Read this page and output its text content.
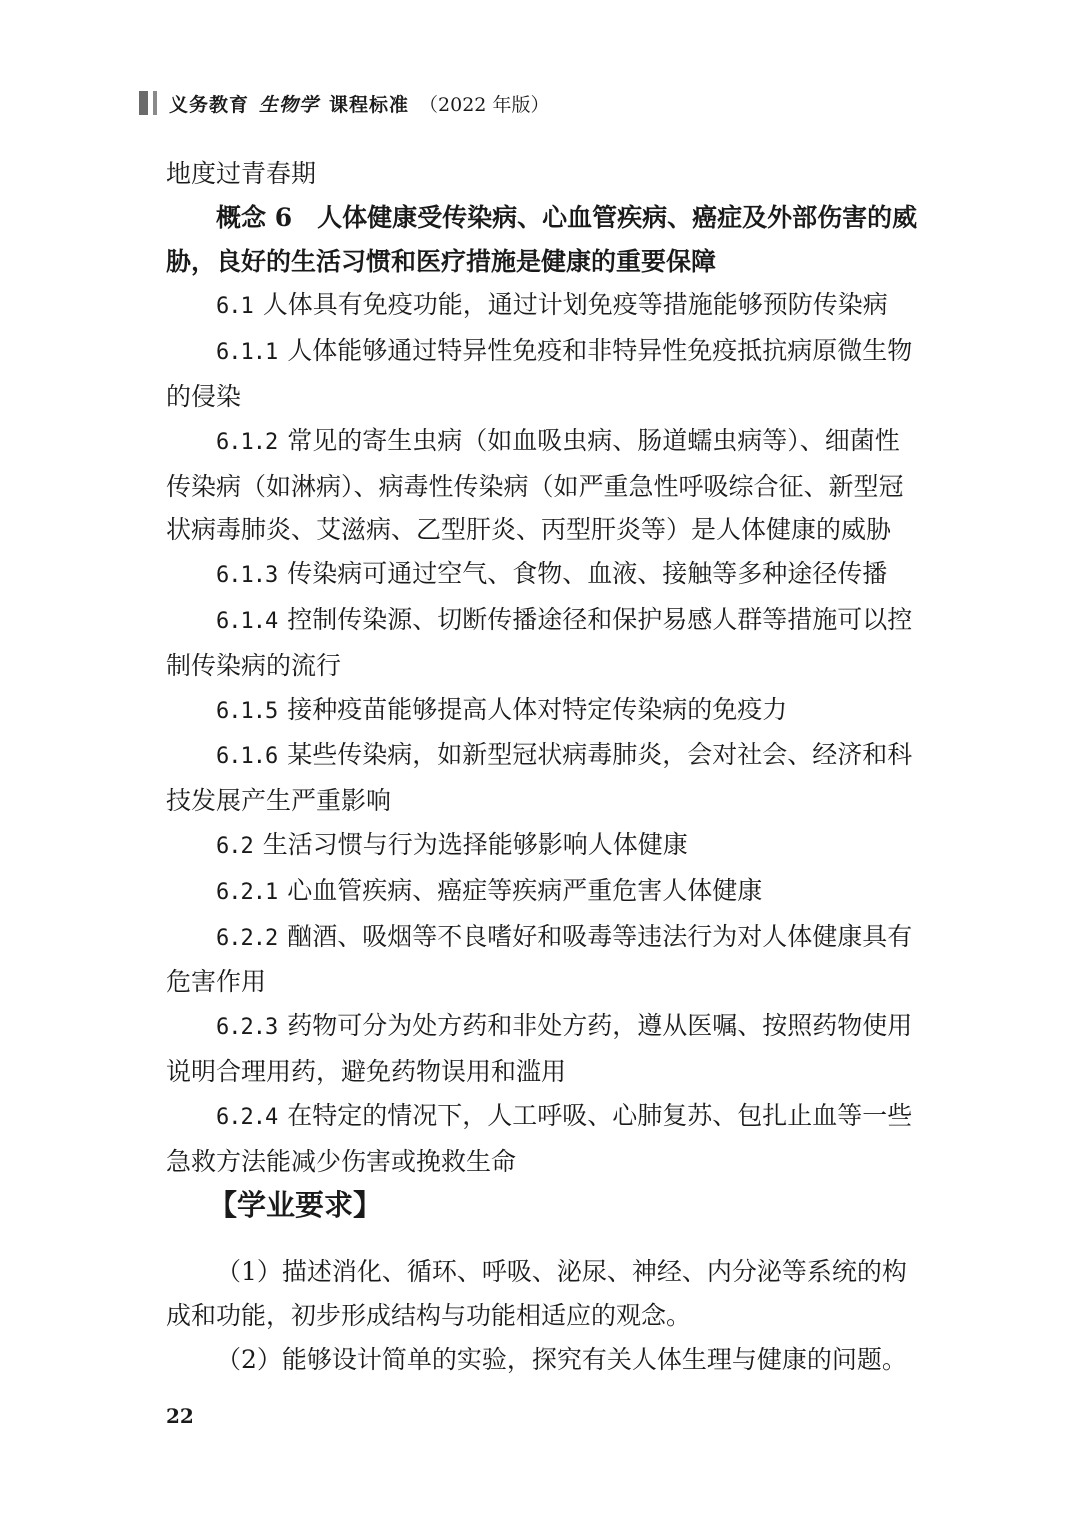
义务教育 生物学 课程标准 （2022 年版）

地度过青春期

概念 6　人体健康受传染病、心血管疾病、癌症及外部伤害的威胁，良好的生活习惯和医疗措施是健康的重要保障

6.1 人体具有免疫功能，通过计划免疫等措施能够预防传染病

6.1.1 人体能够通过特异性免疫和非特异性免疫抵抗病原微生物的侵染

6.1.2 常见的寄生虫病（如血吸虫病、肠道蠕虫病等）、细菌性传染病（如淋病）、病毒性传染病（如严重急性呼吸综合征、新型冠状病毒肺炎、艾滋病、乙型肝炎、丙型肝炎等）是人体健康的威胁

6.1.3 传染病可通过空气、食物、血液、接触等多种途径传播

6.1.4 控制传染源、切断传播途径和保护易感人群等措施可以控制传染病的流行

6.1.5 接种疫苗能够提高人体对特定传染病的免疫力

6.1.6 某些传染病，如新型冠状病毒肺炎，会对社会、经济和科技发展产生严重影响

6.2 生活习惯与行为选择能够影响人体健康

6.2.1 心血管疾病、癌症等疾病严重危害人体健康

6.2.2 酗酒、吸烟等不良嗜好和吸毒等违法行为对人体健康具有危害作用

6.2.3 药物可分为处方药和非处方药，遵从医嘱、按照药物使用说明合理用药，避免药物误用和滥用

6.2.4 在特定的情况下，人工呼吸、心肺复苏、包扎止血等一些急救方法能减少伤害或挽救生命

【学业要求】

（1）描述消化、循环、呼吸、泌尿、神经、内分泌等系统的构成和功能，初步形成结构与功能相适应的观念。

（2）能够设计简单的实验，探究有关人体生理与健康的问题。

22
